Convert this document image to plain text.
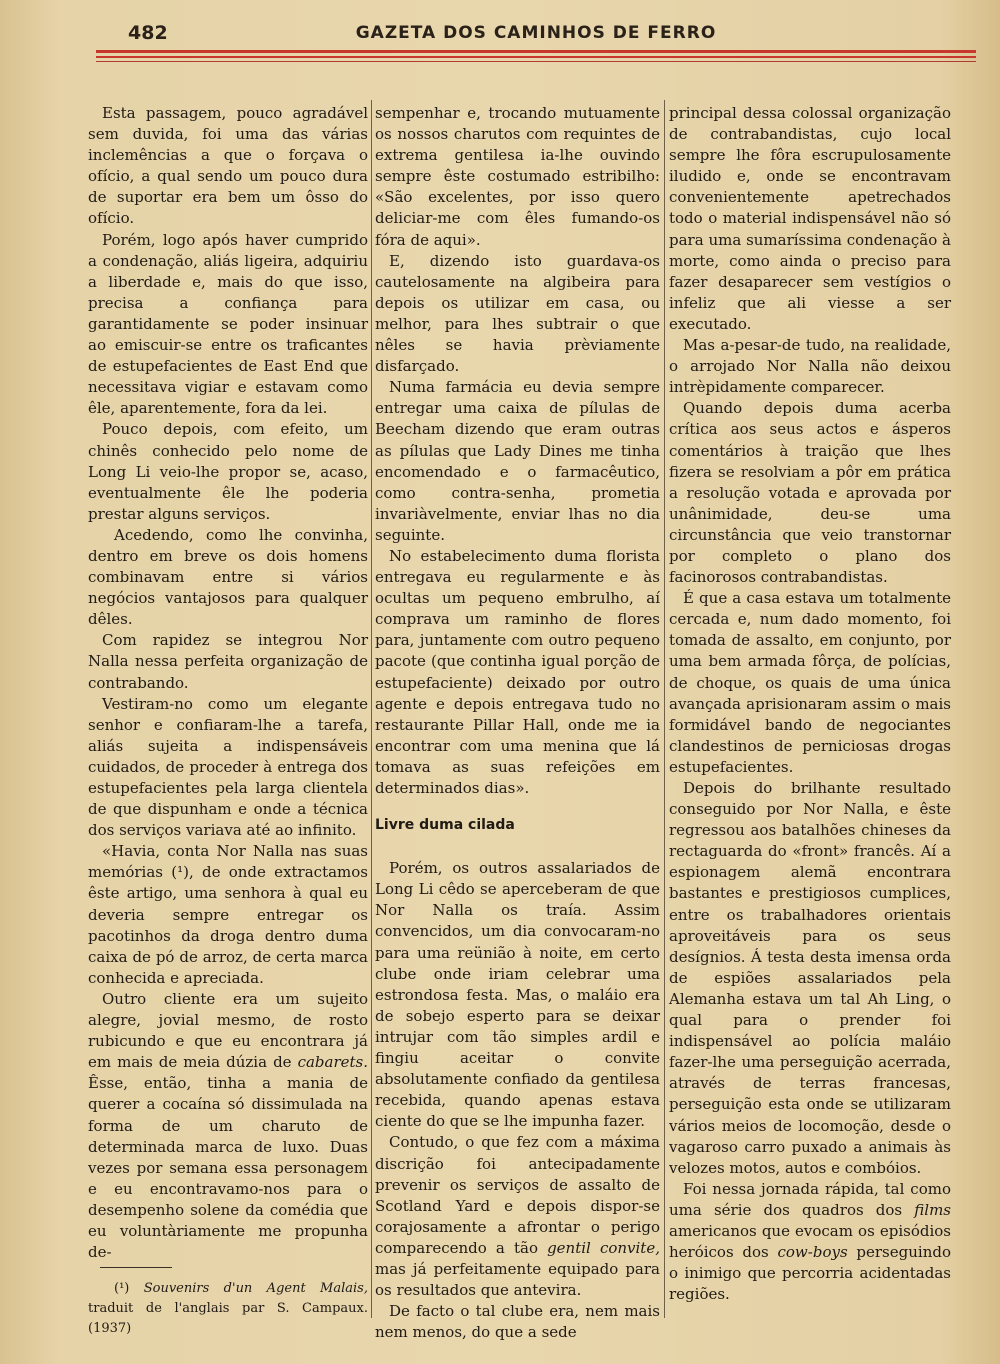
482	GAZETA DOS CAMINHOS DE FERRO

Esta passagem, pouco agradável sem duvida, foi uma das várias inclemências a que o forçava o ofício, a qual sendo um pouco dura de suportar era bem um ôsso do ofício.

Porém, logo após haver cumprido a condenação, aliás ligeira, adquiriu a liberdade e, mais do que isso, precisa a confiança para garantidamente se poder insinuar ao emiscuir-se entre os traficantes de estupefacientes de East End que necessitava vigiar e estavam como êle, aparentemente, fora da lei.

Pouco depois, com efeito, um chinês conhecido pelo nome de Long Li veio-lhe propor se, acaso, eventualmente êle lhe poderia prestar alguns serviços.

Acedendo, como lhe convinha, dentro em breve os dois homens combinavam entre si vários negócios vantajosos para qualquer dêles.

Com rapidez se integrou Nor Nalla nessa perfeita organização de contrabando.

Vestiram-no como um elegante senhor e confiaram-lhe a tarefa, aliás sujeita a indispensáveis cuidados, de proceder à entrega dos estupefacientes pela larga clientela de que dispunham e onde a técnica dos serviços variava até ao infinito.

«Havia, conta Nor Nalla nas suas memórias (¹), de onde extractamos êste artigo, uma senhora à qual eu deveria sempre entregar os pacotinhos da droga dentro duma caixa de pó de arroz, de certa marca conhecida e apreciada.

Outro cliente era um sujeito alegre, jovial mesmo, de rosto rubicundo e que eu encontrara já em mais de meia dúzia de cabarets. Êsse, então, tinha a mania de querer a cocaína só dissimulada na forma de um charuto de determinada marca de luxo. Duas vezes por semana essa personagem e eu encontravamo-nos para o desempenho solene da comédia que eu voluntàriamente me propunha de-

(¹) Souvenirs d'un Agent Malais, traduit de l'anglais par S. Campaux. (1937)

sempenhar e, trocando mutuamente os nossos charutos com requintes de extrema gentilesa ia-lhe ouvindo sempre êste costumado estribilho: «São excelentes, por isso quero deliciar-me com êles fumando-os fóra de aqui».

E, dizendo isto guardava-os cautelosamente na algibeira para depois os utilizar em casa, ou melhor, para lhes subtrair o que nêles se havia prèviamente disfarçado.

Numa farmácia eu devia sempre entregar uma caixa de pílulas de Beecham dizendo que eram outras as pílulas que Lady Dines me tinha encomendado e o farmacêutico, como contra-senha, prometia invariàvelmente, enviar lhas no dia seguinte.

No estabelecimento duma florista entregava eu regularmente e às ocultas um pequeno embrulho, aí comprava um raminho de flores para, juntamente com outro pequeno pacote (que continha igual porção de estupefaciente) deixado por outro agente e depois entregava tudo no restaurante Pillar Hall, onde me ia encontrar com uma menina que lá tomava as suas refeições em determinados dias».

Livre duma cilada

Porém, os outros assalariados de Long Li cêdo se aperceberam de que Nor Nalla os traía. Assim convencidos, um dia convocaram-no para uma reünião à noite, em certo clube onde iriam celebrar uma estrondosa festa. Mas, o maláio era de sobejo esperto para se deixar intrujar com tão simples ardil e fingiu aceitar o convite absolutamente confiado da gentilesa recebida, quando apenas estava ciente do que se lhe impunha fazer.

Contudo, o que fez com a máxima discrição foi antecipadamente prevenir os serviços de assalto de Scotland Yard e depois dispor-se corajosamente a afrontar o perigo comparecendo a tão gentil convite, mas já perfeitamente equipado para os resultados que antevira.

De facto o tal clube era, nem mais nem menos, do que a sede

principal dessa colossal organização de contrabandistas, cujo local sempre lhe fôra escrupulosamente iludido e, onde se encontravam convenientemente apetrechados todo o material indispensável não só para uma sumaríssima condenação à morte, como ainda o preciso para fazer desaparecer sem vestígios o infeliz que ali viesse a ser executado.

Mas a-pesar-de tudo, na realidade, o arrojado Nor Nalla não deixou intrèpidamente comparecer.

Quando depois duma acerba crítica aos seus actos e ásperos comentários à traição que lhes fizera se resolviam a pôr em prática a resolução votada e aprovada por unânimidade, deu-se uma circunstância que veio transtornar por completo o plano dos facinorosos contrabandistas.

É que a casa estava um totalmente cercada e, num dado momento, foi tomada de assalto, em conjunto, por uma bem armada fôrça, de polícias, de choque, os quais de uma única avançada aprisionaram assim o mais formidável bando de negociantes clandestinos de perniciosas drogas estupefacientes.

Depois do brilhante resultado conseguido por Nor Nalla, e êste regressou aos batalhões chineses da rectaguarda do «front» francês. Aí a espionagem alemã encontrara bastantes e prestigiosos cumplices, entre os trabalhadores orientais aproveitáveis para os seus desígnios. Á testa desta imensa orda de espiões assalariados pela Alemanha estava um tal Ah Ling, o qual para o prender foi indispensável ao polícia maláio fazer-lhe uma perseguição acerrada, através de terras francesas, perseguição esta onde se utilizaram vários meios de locomoção, desde o vagaroso carro puxado a animais às velozes motos, autos e combóios.

Foi nessa jornada rápida, tal como uma série dos quadros dos films americanos que evocam os episódios heróicos dos cow-boys perseguindo o inimigo que percorria acidentadas regiões.
